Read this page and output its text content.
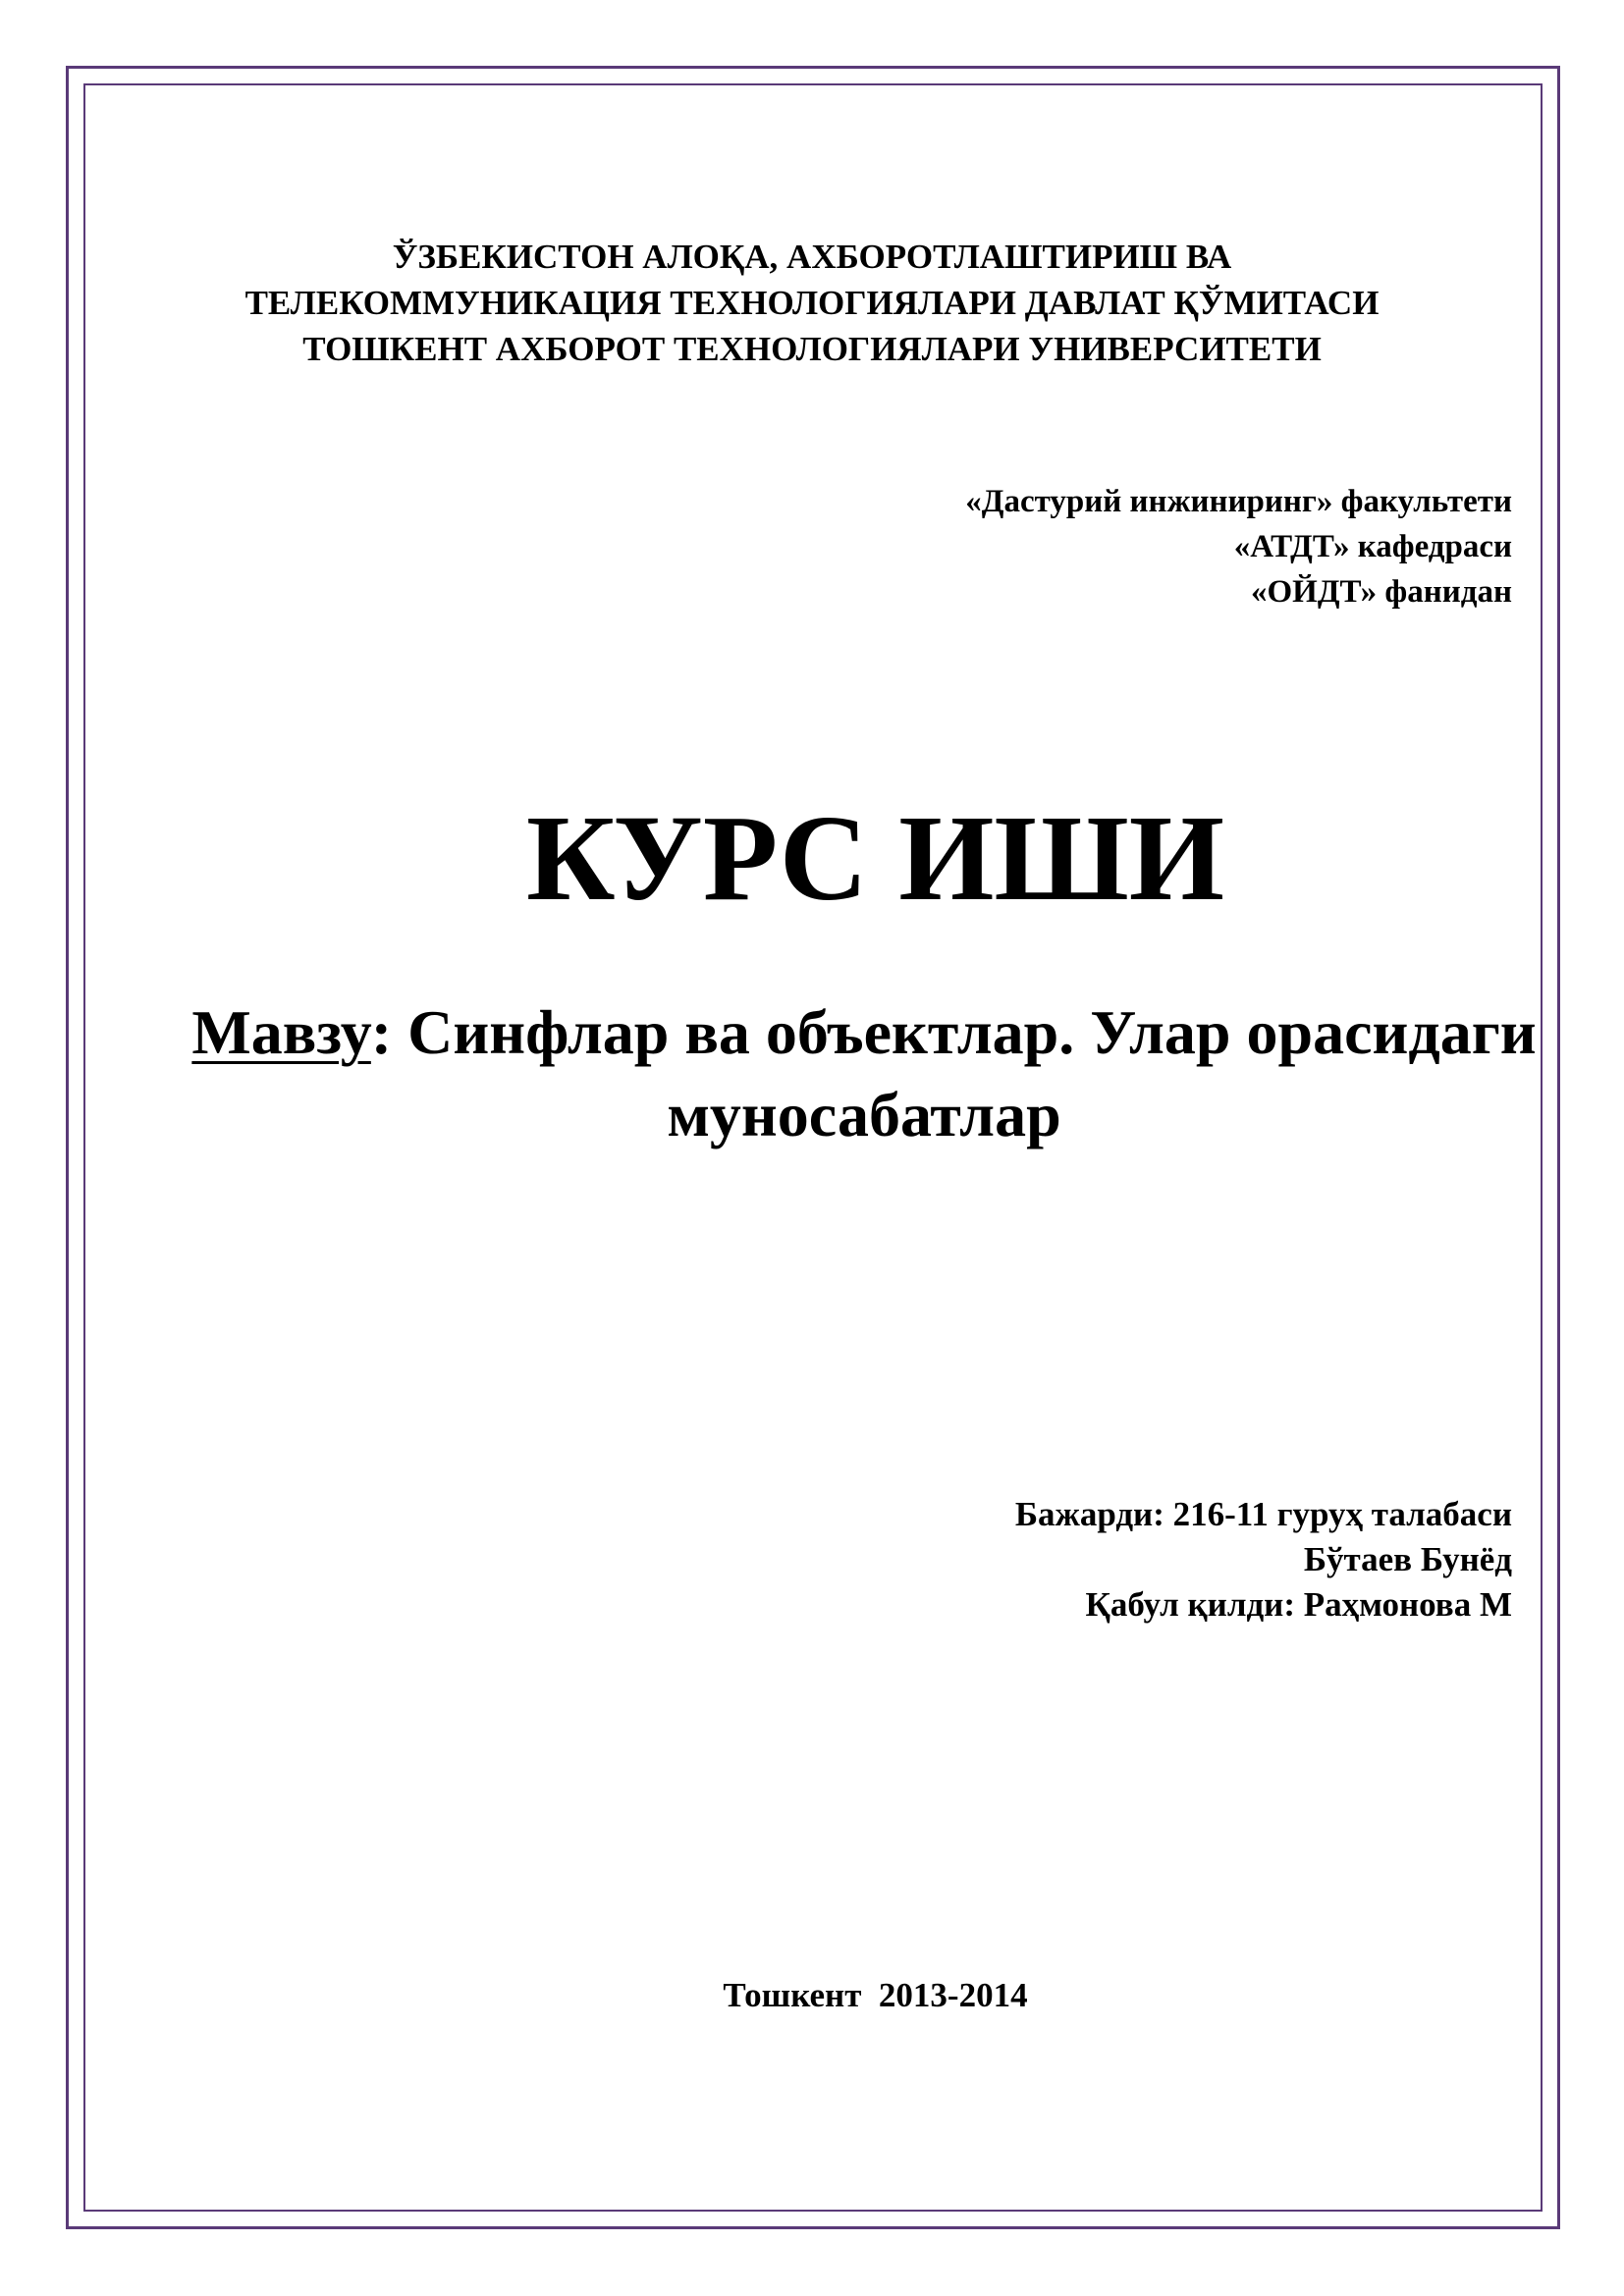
ЎЗБЕКИСТОН АЛОҚА, АХБОРОТЛАШТИРИШ ВА
ТЕЛЕКОММУНИКАЦИЯ ТЕХНОЛОГИЯЛАРИ ДАВЛАТ ҚЎМИТАСИ
ТОШКЕНТ АХБОРОТ ТЕХНОЛОГИЯЛАРИ УНИВЕРСИТЕТИ
«Дастурий инжиниринг» факультети
«АТДТ» кафедраси
«ОЙДТ» фанидан
КУРС ИШИ
Мавзу: Синфлар ва объектлар. Улар орасидаги муносабатлар
Бажарди: 216-11 гуруҳ талабаси
Бўтаев Бунёд
Қабул қилди: Раҳмонова М
Тошкент  2013-2014
